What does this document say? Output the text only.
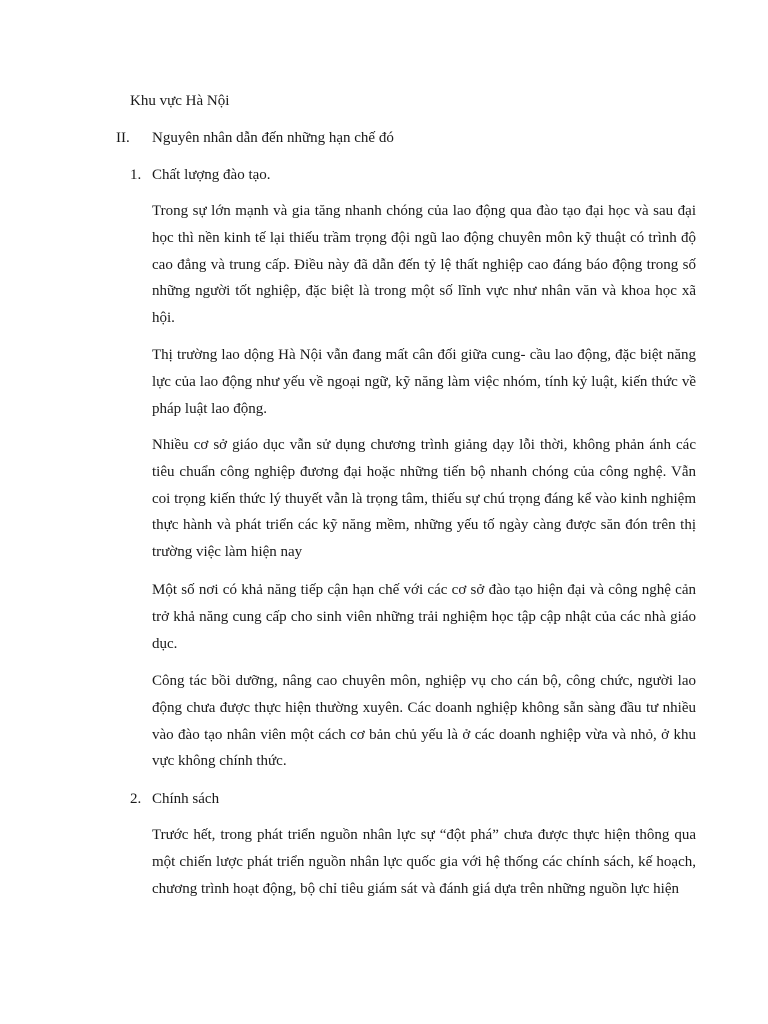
Khu vực Hà Nội
II. Nguyên nhân dẫn đến những hạn chế đó
1. Chất lượng đào tạo.

Trong sự lớn mạnh và gia tăng nhanh chóng của lao động qua đào tạo đại học và sau đại học thì nền kinh tế lại thiếu trầm trọng đội ngũ lao động chuyên môn kỹ thuật có trình độ cao đẳng và trung cấp. Điều này đã dẫn đến tỷ lệ thất nghiệp cao đáng báo động trong số những người tốt nghiệp, đặc biệt là trong một số lĩnh vực như nhân văn và khoa học xã hội.

Thị trường lao dộng Hà Nội vẫn đang mất cân đối giữa cung- cầu lao động, đặc biệt năng lực của lao động như yếu về ngoại ngữ, kỹ năng làm việc nhóm, tính kỷ luật, kiến thức về pháp luật lao động.

Nhiều cơ sở giáo dục vẫn sử dụng chương trình giảng dạy lỗi thời, không phản ánh các tiêu chuẩn công nghiệp đương đại hoặc những tiến bộ nhanh chóng của công nghệ. Vẫn coi trọng kiến thức lý thuyết vẫn là trọng tâm, thiếu sự chú trọng đáng kể vào kinh nghiệm thực hành và phát triển các kỹ năng mềm, những yếu tố ngày càng được săn đón trên thị trường việc làm hiện nay

Một số nơi có khả năng tiếp cận hạn chế với các cơ sở đào tạo hiện đại và công nghệ cản trở khả năng cung cấp cho sinh viên những trải nghiệm học tập cập nhật của các nhà giáo dục.

Công tác bồi dưỡng, nâng cao chuyên môn, nghiệp vụ cho cán bộ, công chức, người lao động chưa được thực hiện thường xuyên. Các doanh nghiệp không sẵn sàng đầu tư nhiều vào đào tạo nhân viên một cách cơ bản chủ yếu là ở các doanh nghiệp vừa và nhỏ, ở khu vực không chính thức.

2. Chính sách

Trước hết, trong phát triển nguồn nhân lực sự “đột phá” chưa được thực hiện thông qua một chiến lược phát triển nguồn nhân lực quốc gia với hệ thống các chính sách, kế hoạch, chương trình hoạt động, bộ chỉ tiêu giám sát và đánh giá dựa trên những nguồn lực hiện
